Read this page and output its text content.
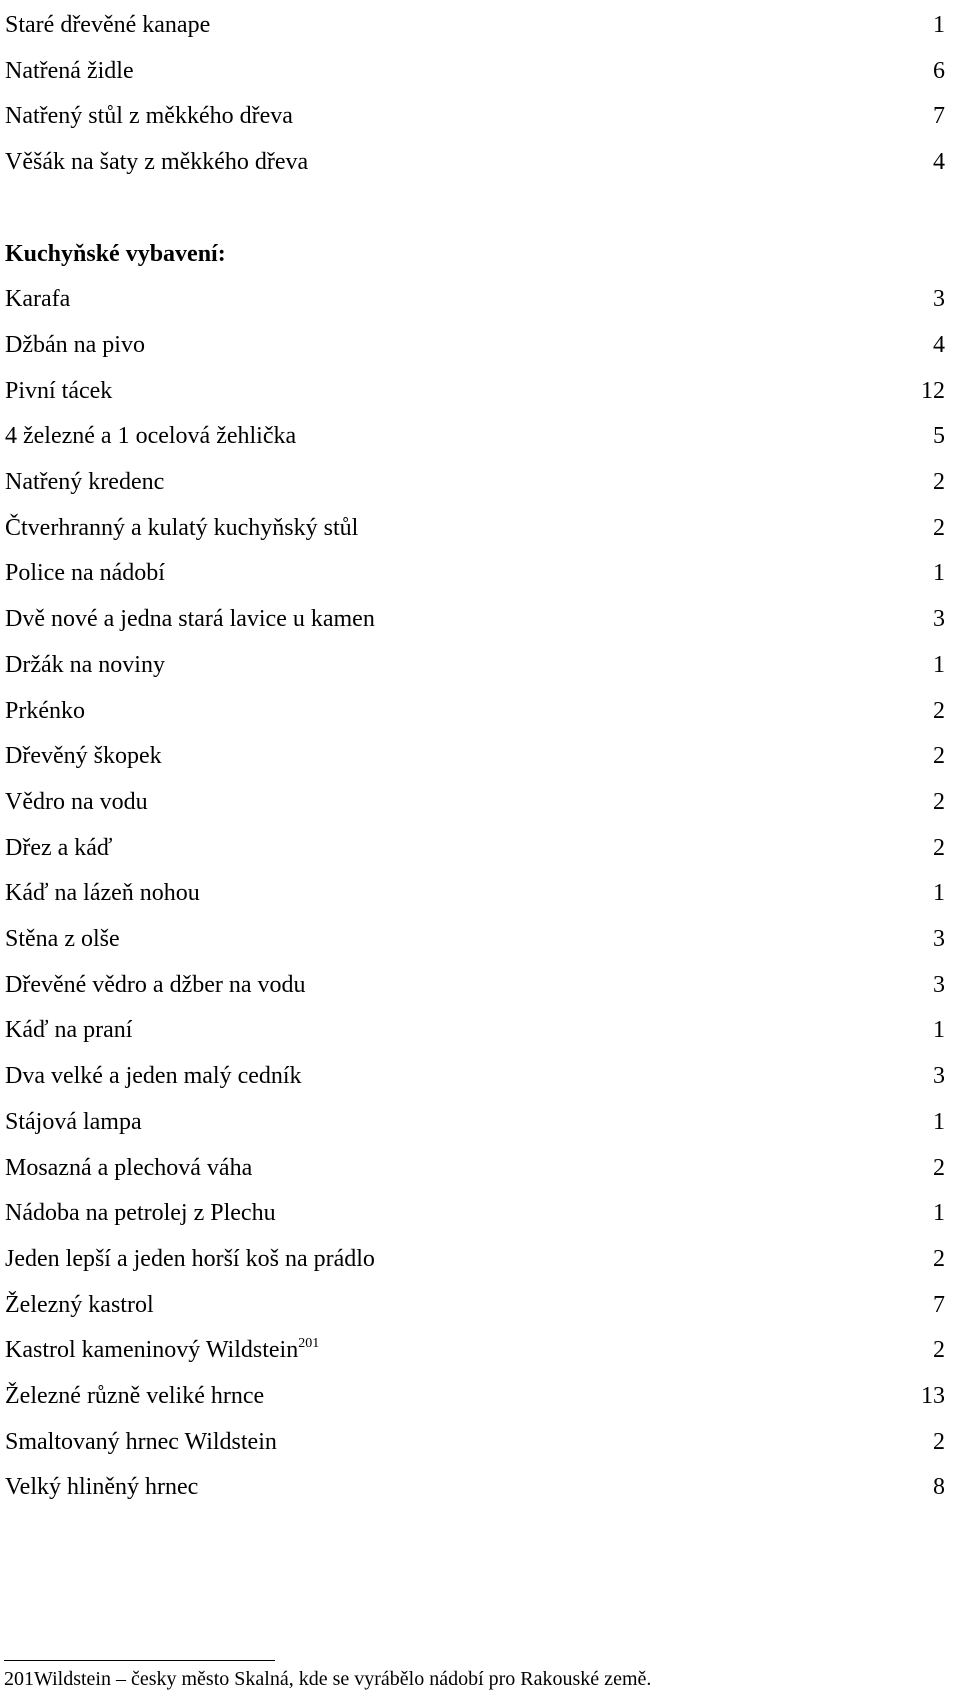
Staré dřevěné kanape	1
Natřená židle	6
Natřený stůl z měkkého dřeva	7
Věšák na šaty z měkkého dřeva	4
Kuchyňské vybavení:
Karafa	3
Džbán na pivo	4
Pivní tácek	12
4 železné a 1 ocelová žehlička	5
Natřený kredenc	2
Čtverhranný a kulatý kuchyňský stůl	2
Police na nádobí	1
Dvě nové a jedna stará lavice u kamen	3
Držák na noviny	1
Prkénko	2
Dřevěný škopek	2
Vědro na vodu	2
Dřez a káď	2
Káď na lázeň nohou	1
Stěna z olše	3
Dřevěné vědro a džber na vodu	3
Káď na praní	1
Dva velké a jeden malý cedník	3
Stájová lampa	1
Mosazná a plechová váha	2
Nádoba na petrolej z Plechu	1
Jeden lepší a jeden horší koš na prádlo	2
Železný kastrol	7
Kastrol kameninový Wildstein$^{201}$	2
Železné různě veliké hrnce	13
Smaltovaný hrnec Wildstein	2
Velký hliněný hrnec	8
201Wildstein – česky město Skalná, kde se vyrábělo nádobí pro Rakouské země.
